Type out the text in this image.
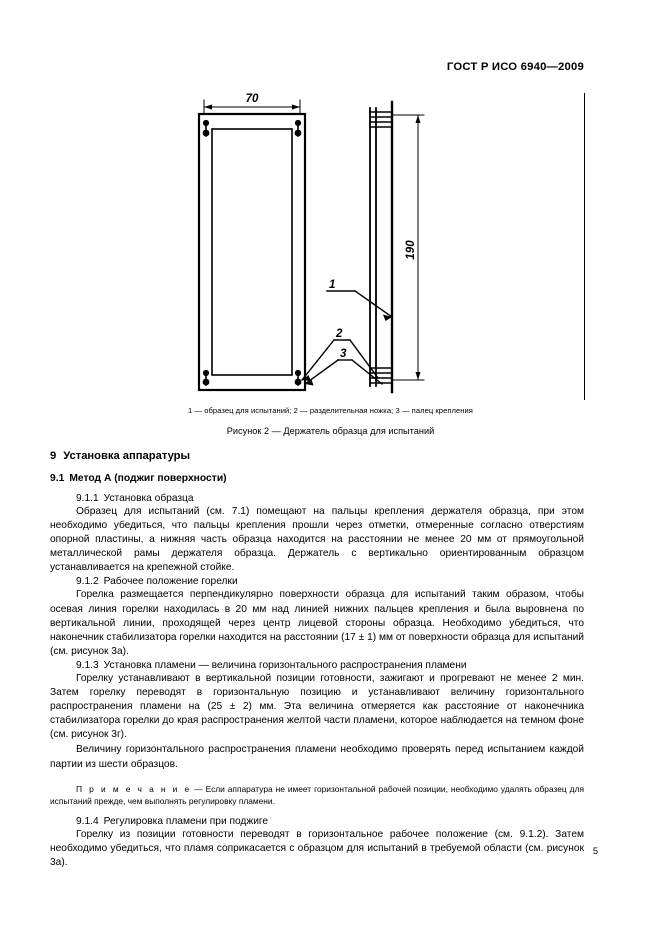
ГОСТ Р ИСО 6940—2009
70
190
1
2
3
1 — образец для испытаний; 2 — разделительная ножка; 3 — палец крепления
Рисунок 2 — Держатель образца для испытаний
9 Установка аппаратуры
9.1 Метод А (поджиг поверхности)
9.1.1 Установка образца

Образец для испытаний (см. 7.1) помещают на пальцы крепления держателя образца, при этом необходимо убедиться, что пальцы крепления прошли через отметки, отмеренные согласно отверстиям опорной пластины, а нижняя часть образца находится на расстоянии не менее 20 мм от прямоугольной металлической рамы держателя образца. Держатель с вертикально ориентированным образцом устанавливается на крепежной стойке.

9.1.2 Рабочее положение горелки

Горелка размещается перпендикулярно поверхности образца для испытаний таким образом, чтобы осевая линия горелки находилась в 20 мм над линией нижних пальцев крепления и была выровнена по вертикальной линии, проходящей через центр лицевой стороны образца. Необходимо убедиться, что наконечник стабилизатора горелки находится на расстоянии (17 ± 1) мм от поверхности образца для испытаний (см. рисунок 3а).

9.1.3 Установка пламени — величина горизонтального распространения пламени

Горелку устанавливают в вертикальной позиции готовности, зажигают и прогревают не менее 2 мин. Затем горелку переводят в горизонтальную позицию и устанавливают величину горизонтального распространения пламени на (25 ± 2) мм. Эта величина отмеряется как расстояние от наконечника стабилизатора горелки до края распространения желтой части пламени, которое наблюдается на темном фоне (см. рисунок 3г).

Величину горизонтального распространения пламени необходимо проверять перед испытанием каждой партии из шести образцов.

П р и м е ч а н и е — Если аппаратура не имеет горизонтальной рабочей позиции, необходимо удалять образец для испытаний прежде, чем выполнять регулировку пламени.

9.1.4 Регулировка пламени при поджиге

Горелку из позиции готовности переводят в горизонтальное рабочее положение (см. 9.1.2). Затем необходимо убедиться, что пламя соприкасается с образцом для испытаний в требуемой области (см. рисунок 3а).

5
